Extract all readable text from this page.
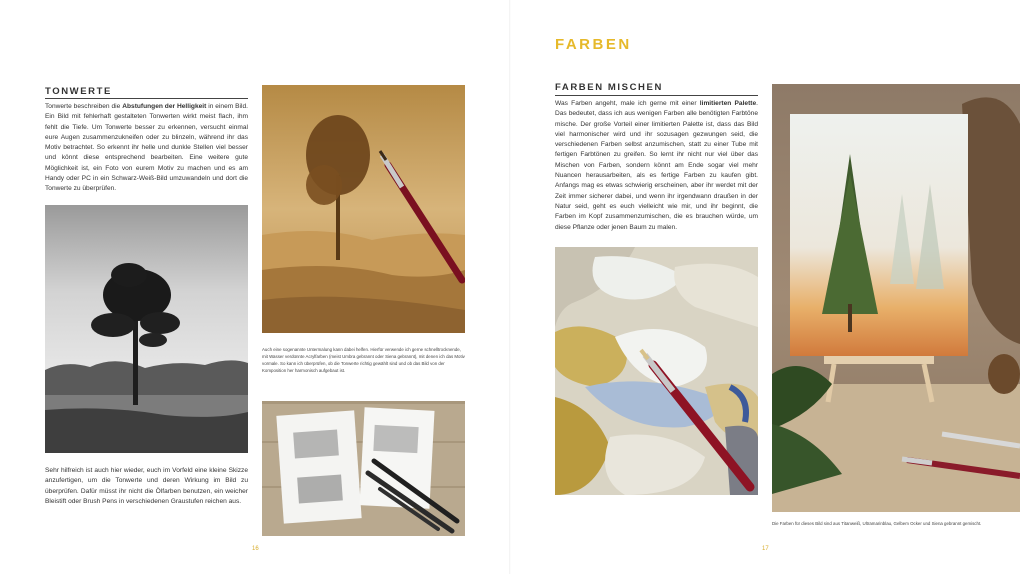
FARBEN
TONWERTE
Tonwerte beschreiben die Abstufungen der Helligkeit in einem Bild. Ein Bild mit fehlerhaft gestalteten Tonwerten wirkt meist flach, ihm fehlt die Tiefe. Um Tonwerte besser zu erkennen, versucht einmal eure Augen zusammenzukneifen oder zu blinzeln, während ihr das Motiv betrachtet. So erkennt ihr helle und dunkle Stellen viel besser und könnt diese entsprechend bearbeiten. Eine weitere gute Möglichkeit ist, ein Foto von eurem Motiv zu machen und es am Handy oder PC in ein Schwarz-Weiß-Bild umzuwandeln und dort die Tonwerte zu überprüfen.
Sehr hilfreich ist auch hier wieder, euch im Vorfeld eine kleine Skizze anzufertigen, um die Tonwerte und deren Wirkung im Bild zu überprüfen. Dafür müsst ihr nicht die Ölfarben benutzen, ein weicher Bleistift oder Brush Pens in verschiedenen Graustufen reichen aus.
Auch eine sogenannte Untermalung kann dabei helfen. Hierfür verwende ich gerne schnelltrocknende, mit Wasser verdünnte Acrylfarben (meist Umbra gebrannt oder Siena gebrannt), mit denen ich das Motiv vormale. So kann ich überprüfen, ob die Tonwerte richtig gewählt sind und ob das Bild von der Komposition her harmonisch aufgebaut ist.
16
FARBEN MISCHEN
Was Farben angeht, male ich gerne mit einer limitierten Palette. Das bedeutet, dass ich aus wenigen Farben alle benötigten Farbtöne mische. Der große Vorteil einer limitierten Palette ist, dass das Bild viel harmonischer wird und ihr sozusagen gezwungen seid, die verschiedenen Farben selbst anzumischen, statt zu einer Tube mit fertigen Farbtönen zu greifen. So lernt ihr nicht nur viel über das Mischen von Farben, sondern könnt am Ende sogar viel mehr Nuancen herausarbeiten, als es fertige Farben zu kaufen gibt. Anfangs mag es etwas schwierig erscheinen, aber ihr werdet mit der Zeit immer sicherer dabei, und wenn ihr irgendwann draußen in der Natur seid, geht es euch vielleicht wie mir, und ihr beginnt, die Farben im Kopf zusammenzumischen, die es brauchen würde, um diese Pflanze oder jenen Baum zu malen.
Die Farben für dieses Bild sind aus Titanweiß, Ultramarinblau, Gelbem Ocker und Siena gebrannt gemischt.
17
